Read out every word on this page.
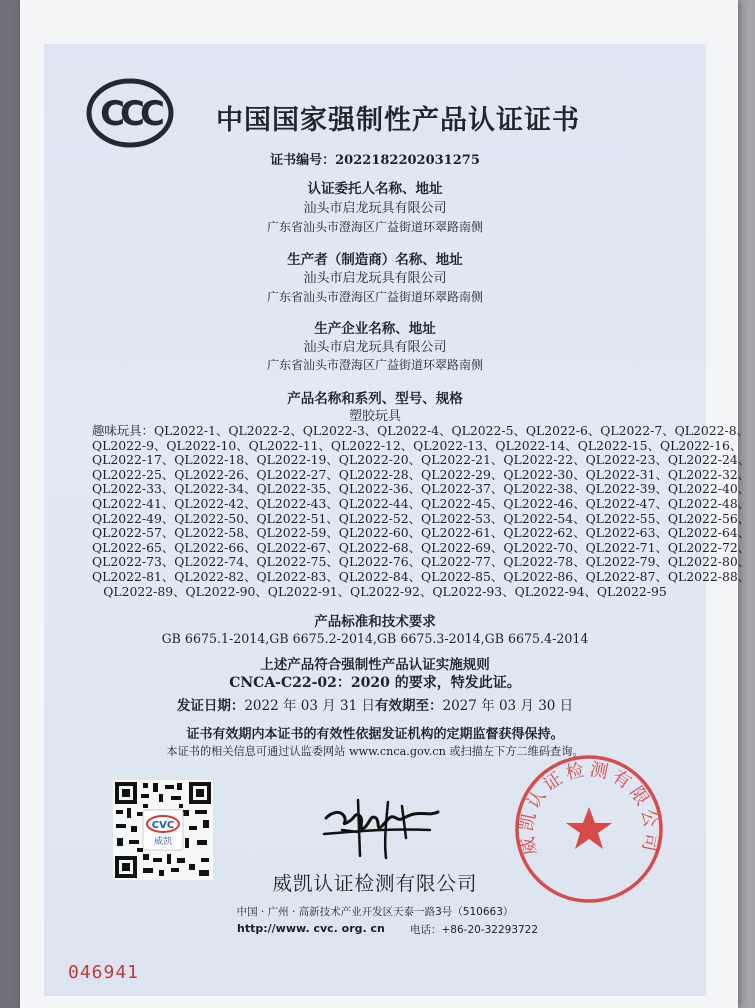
CCC 中国国家强制性产品认证证书
证书编号：2022182202031275
认证委托人名称、地址
汕头市启龙玩具有限公司
广东省汕头市澄海区广益街道环翠路南侧
生产者（制造商）名称、地址
汕头市启龙玩具有限公司
广东省汕头市澄海区广益街道环翠路南侧
生产企业名称、地址
汕头市启龙玩具有限公司
广东省汕头市澄海区广益街道环翠路南侧
产品名称和系列、型号、规格
塑胶玩具
趣味玩具：QL2022-1、QL2022-2、QL2022-3、QL2022-4、QL2022-5、QL2022-6、QL2022-7、QL2022-8、
QL2022-9、QL2022-10、QL2022-11、QL2022-12、QL2022-13、QL2022-14、QL2022-15、QL2022-16、
QL2022-17、QL2022-18、QL2022-19、QL2022-20、QL2022-21、QL2022-22、QL2022-23、QL2022-24、
QL2022-25、QL2022-26、QL2022-27、QL2022-28、QL2022-29、QL2022-30、QL2022-31、QL2022-32、
QL2022-33、QL2022-34、QL2022-35、QL2022-36、QL2022-37、QL2022-38、QL2022-39、QL2022-40、
QL2022-41、QL2022-42、QL2022-43、QL2022-44、QL2022-45、QL2022-46、QL2022-47、QL2022-48、
QL2022-49、QL2022-50、QL2022-51、QL2022-52、QL2022-53、QL2022-54、QL2022-55、QL2022-56、
QL2022-57、QL2022-58、QL2022-59、QL2022-60、QL2022-61、QL2022-62、QL2022-63、QL2022-64、
QL2022-65、QL2022-66、QL2022-67、QL2022-68、QL2022-69、QL2022-70、QL2022-71、QL2022-72、
QL2022-73、QL2022-74、QL2022-75、QL2022-76、QL2022-77、QL2022-78、QL2022-79、QL2022-80、
QL2022-81、QL2022-82、QL2022-83、QL2022-84、QL2022-85、QL2022-86、QL2022-87、QL2022-88、
QL2022-89、QL2022-90、QL2022-91、QL2022-92、QL2022-93、QL2022-94、QL2022-95
产品标准和技术要求
GB 6675.1-2014,GB 6675.2-2014,GB 6675.3-2014,GB 6675.4-2014
上述产品符合强制性产品认证实施规则
CNCA-C22-02：2020 的要求，特发此证。
发证日期：2022 年 03 月 31 日有效期至：2027 年 03 月 30 日
证书有效期内本证书的有效性依据发证机构的定期监督获得保持。
本证书的相关信息可通过认监委网站 www.cnca.gov.cn 或扫描左下方二维码查询。
CVC
威凯	威凯认证检测有限公司
威凯认证检测有限公司
中国 · 广州 · 高新技术产业开发区天泰一路3号（510663）
http://www. cvc. org. cn 电话：+86-20-32293722
046941
